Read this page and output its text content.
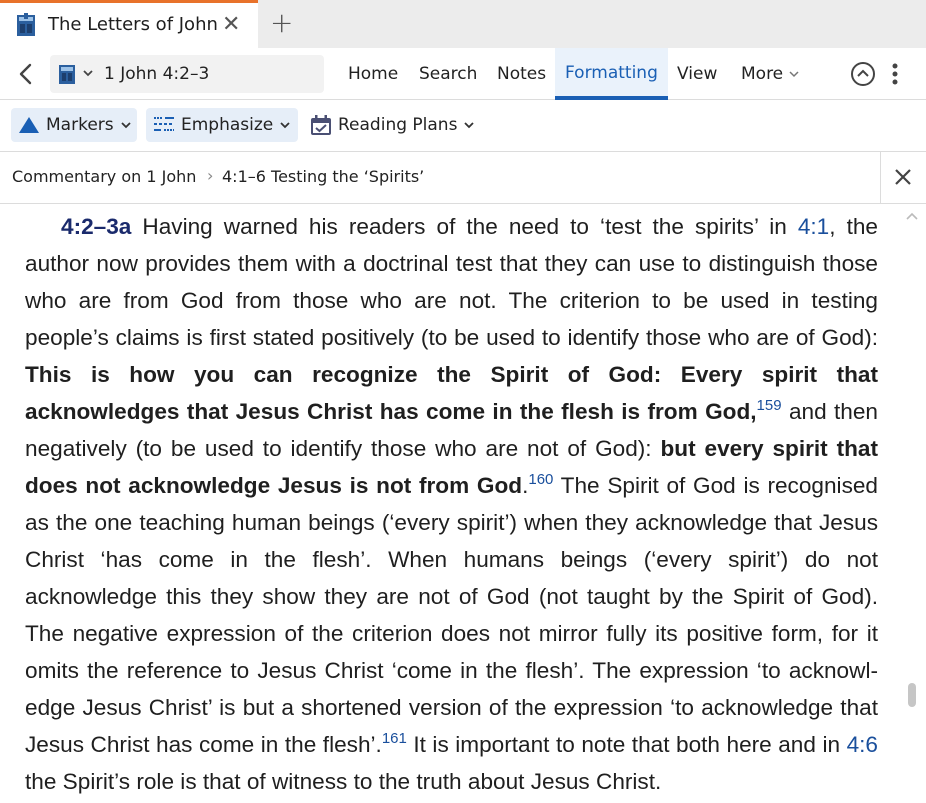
The Letters of John ✕ +
1 John 4:2–3	Home	Search	Notes	Formatting	View	More
Markers	Emphasize	Reading Plans
Commentary on 1 John › 4:1–6 Testing the ‘Spirits’
4:2–3a Having warned his readers of the need to ‘test the spirits’ in 4:1, the author now provides them with a doctrinal test that they can use to distinguish those who are from God from those who are not. The criterion to be used in testing people’s claims is first stated positively (to be used to identify those who are of God): This is how you can recognize the Spirit of God: Every spirit that acknowledges that Jesus Christ has come in the flesh is from God,$^{159}$ and then negatively (to be used to identify those who are not of God): but every spirit that does not acknowledge Jesus is not from God.$^{160}$ The Spirit of God is recognised as the one teaching human beings (‘every spirit’) when they acknowledge that Jesus Christ ‘has come in the flesh’. When humans beings (‘every spirit’) do not acknowledge this they show they are not of God (not taught by the Spirit of God). The negative expression of the criterion does not mirror fully its positive form, for it omits the reference to Jesus Christ ‘come in the flesh’. The expression ‘to acknowledge Jesus Christ’ is but a shortened version of the expression ‘to acknowledge that Jesus Christ has come in the flesh’.$^{161}$ It is important to note that both here and in 4:6 the Spirit’s role is that of witness to the truth about Jesus Christ.
